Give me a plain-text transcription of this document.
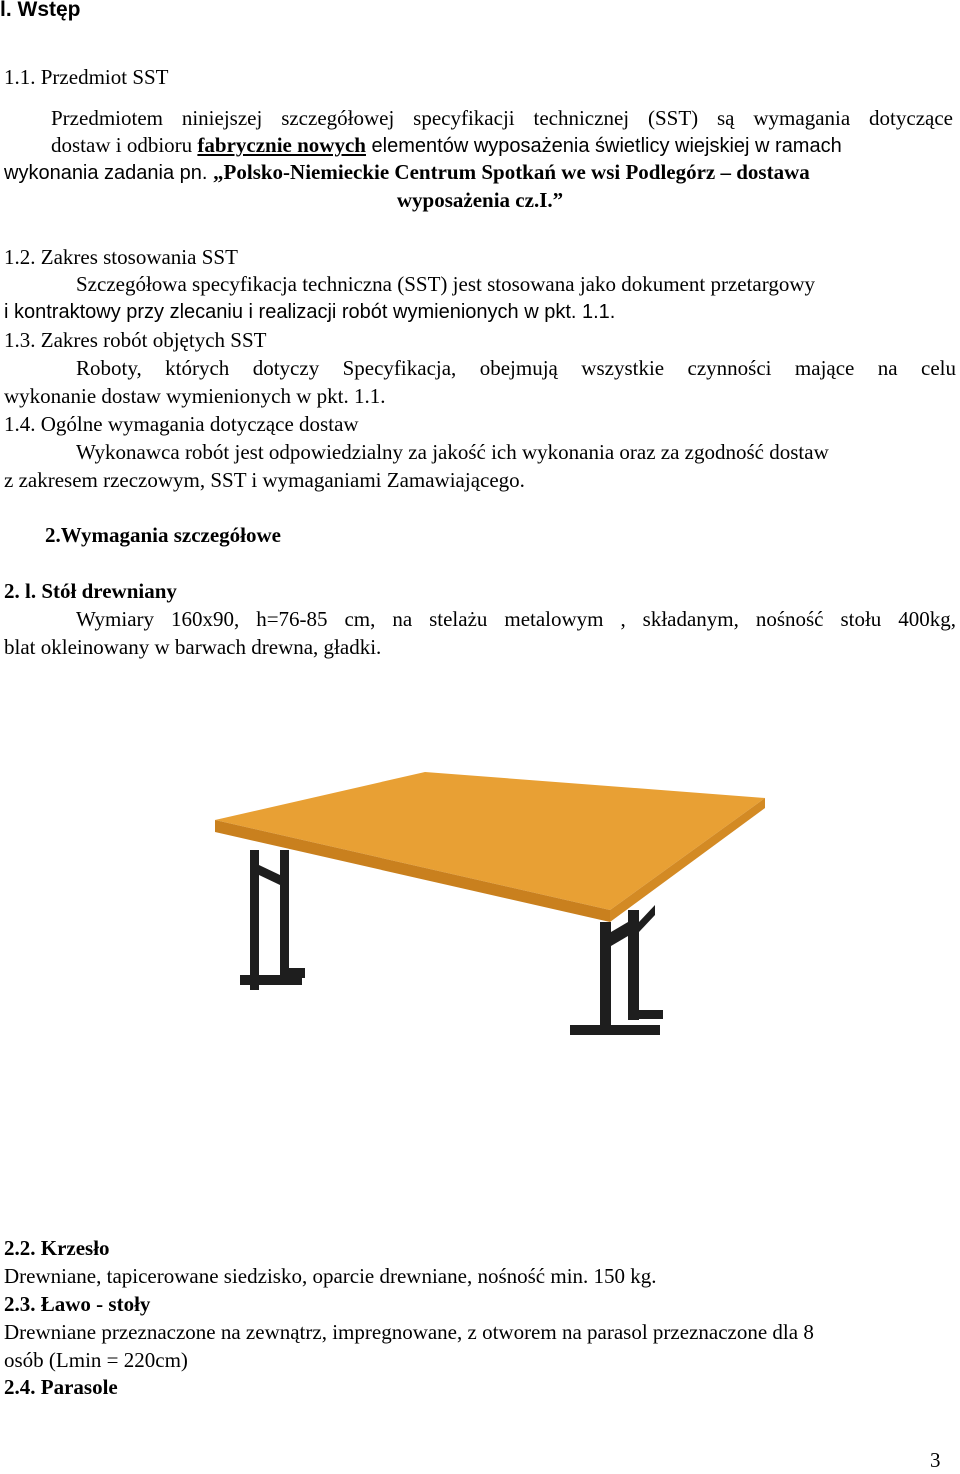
l. Wstęp
1.1. Przedmiot SST
Przedmiotem niniejszej szczegółowej specyfikacji technicznej (SST) są wymagania dotyczące
dostaw i odbioru fabrycznie nowych elementów wyposażenia świetlicy wiejskiej w ramach
wykonania zadania pn. „Polsko-Niemieckie Centrum Spotkań we wsi Podlegórz – dostawa
wyposażenia cz.I.”
1.2. Zakres stosowania SST
Szczegółowa specyfikacja techniczna (SST) jest stosowana jako dokument przetargowy
i kontraktowy przy zlecaniu i realizacji robót wymienionych w pkt. 1.1.
1.3. Zakres robót objętych SST
Roboty, których dotyczy Specyfikacja, obejmują wszystkie czynności mające na celu
wykonanie dostaw wymienionych w pkt. 1.1.
1.4. Ogólne wymagania dotyczące dostaw
Wykonawca robót jest odpowiedzialny za jakość ich wykonania oraz za zgodność dostaw
z zakresem rzeczowym, SST i wymaganiami Zamawiającego.
2.Wymagania szczegółowe
2. l. Stół drewniany
Wymiary 160x90, h=76-85 cm, na stelażu metalowym , składanym, nośność stołu 400kg,
blat okleinowany w barwach drewna, gładki.
2.2. Krzesło
Drewniane, tapicerowane siedzisko, oparcie drewniane, nośność min. 150 kg.
2.3. Ławo - stoły
Drewniane przeznaczone na zewnątrz, impregnowane, z otworem na parasol przeznaczone dla 8
osób (Lmin = 220cm)
2.4. Parasole
3
